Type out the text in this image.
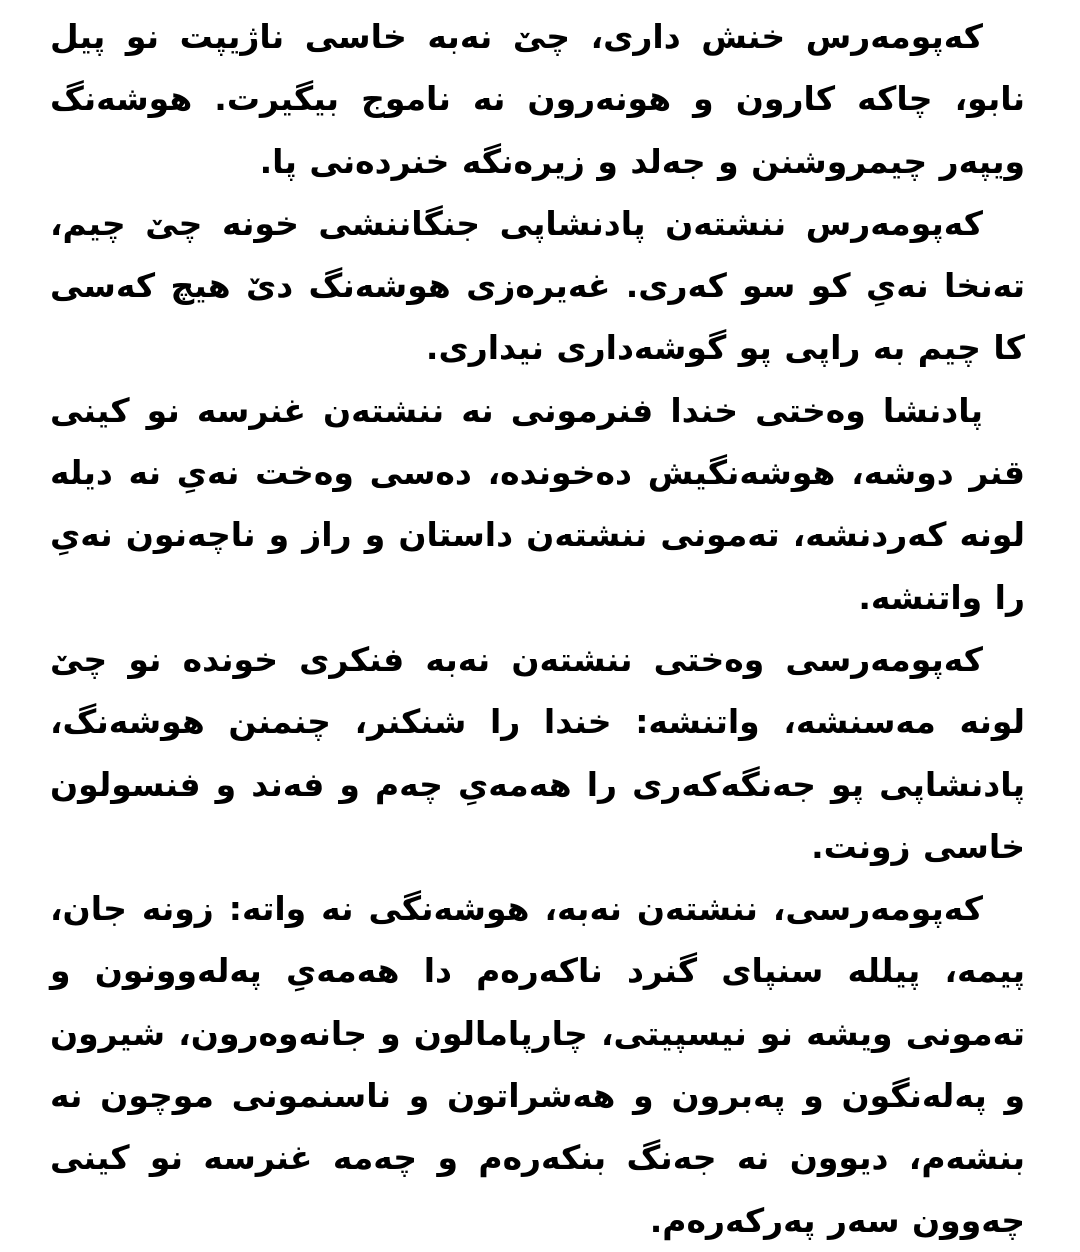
کەپومەرس خنش داری، چێ نەبە خاسی ناژیپت نو پیل نابو، چاکە کارون و هونەرون نە ناموج بیگیرت. هوشەنگ ویپەر چیمروشنن و جەلد و زیرەنگە خنردەنی پا.

کەپومەرس ننشتەن پادنشاپی جنگاننشی خونە چێ چیم، تەنخا نەیِ کو سو کەری. غەیرەزی هوشەنگ دێ هیچ کەسی کا چیم بە راپی پو گوشەداری نیداری.

پادنشا وەختی خندا فنرمونی نە ننشتەن غنرسە نو کینی قنر دوشە، هوشەنگیش دەخوندە، دەسی وەخت نەیِ نە دیلە لونە کەردنشە، تەمونی ننشتەن داستان و راز و ناچەنون نەیِ را واتنشە.

کەپومەرسی وەختی ننشتەن نەبە فنکری خوندە نو چێ لونە مەسنشە، واتنشە: خندا را شنکنر، چنمنن هوشەنگ، پادنشاپی پو جەنگەکەری را هەمەیِ چەم و فەند و فنسولون خاسی زونت.

کەپومەرسی، ننشتەن نەبە، هوشەنگی نە واتە: زونە جان، پیمە، پیللە سنپای گنرد ناکەرەم دا هەمەیِ پەلەوونون و تەمونی ویشە نو نیسپیتی، چارپامالون و جانەوەرون، شیرون و پەلەنگون و پەبرون و هەشراتون و ناسنمونی موچون نە بنشەم، دیوون نە جەنگ بنکەرەم و چەمە غنرسە نو کینی چەوون سەر پەرکەرەم.
